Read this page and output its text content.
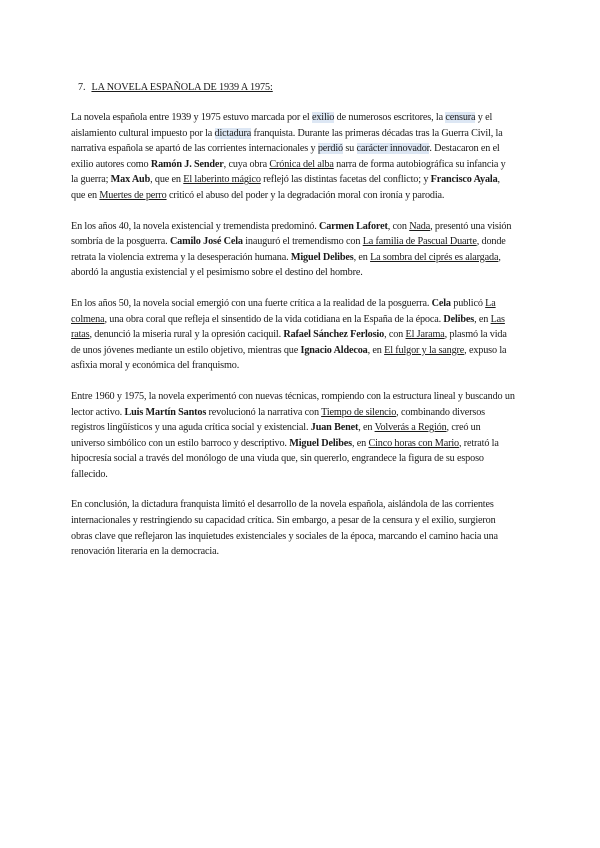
7. LA NOVELA ESPAÑOLA DE 1939 A 1975:

La novela española entre 1939 y 1975 estuvo marcada por el exilio de numerosos escritores, la censura y el aislamiento cultural impuesto por la dictadura franquista. Durante las primeras décadas tras la Guerra Civil, la narrativa española se apartó de las corrientes internacionales y perdió su carácter innovador. Destacaron en el exilio autores como Ramón J. Sender, cuya obra Crónica del alba narra de forma autobiográfica su infancia y la guerra; Max Aub, que en El laberinto mágico reflejó las distintas facetas del conflicto; y Francisco Ayala, que en Muertes de perro criticó el abuso del poder y la degradación moral con ironía y parodia.

En los años 40, la novela existencial y tremendista predominó. Carmen Laforet, con Nada, presentó una visión sombría de la posguerra. Camilo José Cela inauguró el tremendismo con La familia de Pascual Duarte, donde retrata la violencia extrema y la desesperación humana. Miguel Delibes, en La sombra del ciprés es alargada, abordó la angustia existencial y el pesimismo sobre el destino del hombre.

En los años 50, la novela social emergió con una fuerte crítica a la realidad de la posguerra. Cela publicó La colmena, una obra coral que refleja el sinsentido de la vida cotidiana en la España de la época. Delibes, en Las ratas, denunció la miseria rural y la opresión caciquil. Rafael Sánchez Ferlosio, con El Jarama, plasmó la vida de unos jóvenes mediante un estilo objetivo, mientras que Ignacio Aldecoa, en El fulgor y la sangre, expuso la asfixia moral y económica del franquismo.

Entre 1960 y 1975, la novela experimentó con nuevas técnicas, rompiendo con la estructura lineal y buscando un lector activo. Luis Martín Santos revolucionó la narrativa con Tiempo de silencio, combinando diversos registros lingüísticos y una aguda crítica social y existencial. Juan Benet, en Volverás a Región, creó un universo simbólico con un estilo barroco y descriptivo. Miguel Delibes, en Cinco horas con Mario, retrató la hipocresía social a través del monólogo de una viuda que, sin quererlo, engrandece la figura de su esposo fallecido.

En conclusión, la dictadura franquista limitó el desarrollo de la novela española, aislándola de las corrientes internacionales y restringiendo su capacidad crítica. Sin embargo, a pesar de la censura y el exilio, surgieron obras clave que reflejaron las inquietudes existenciales y sociales de la época, marcando el camino hacia una renovación literaria en la democracia.
